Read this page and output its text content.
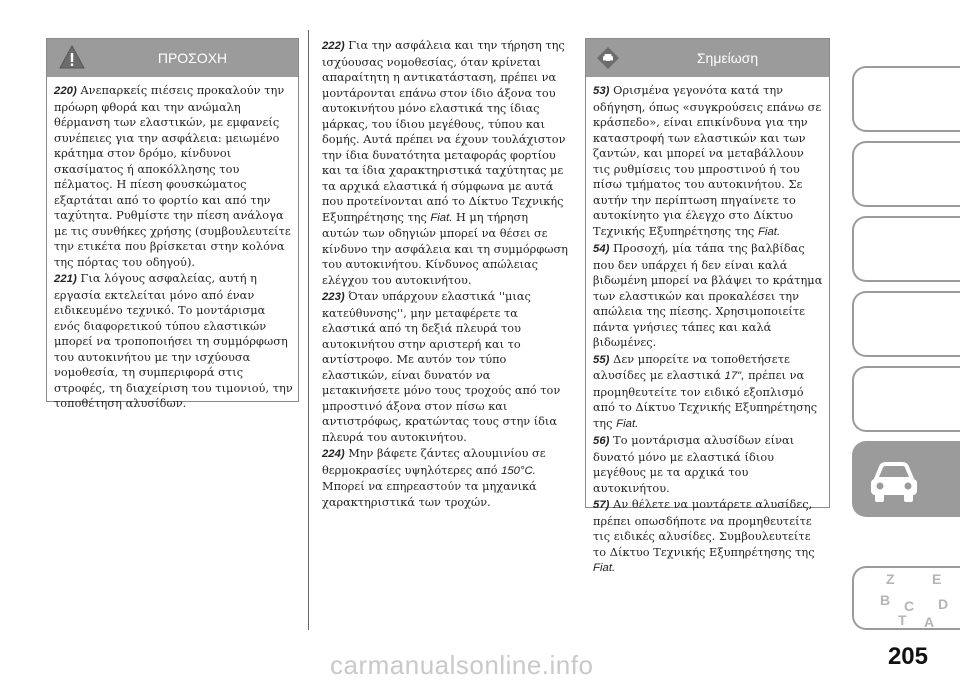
ΠΡΟΣΟΧΗ

220) Ανεπαρκείς πιέσεις προκαλούν την πρόωρη φθορά και την ανώμαλη θέρμανση των ελαστικών, με εμφανείς συνέπειες για την ασφάλεια: μειωμένο κράτημα στον δρόμο, κίνδυνοι σκασίματος ή αποκόλλησης του πέλματος. Η πίεση φουσκώματος εξαρτάται από το φορτίο και από την ταχύτητα. Ρυθμίστε την πίεση ανάλογα με τις συνθήκες χρήσης (συμβουλευτείτε την ετικέτα που βρίσκεται στην κολόνα της πόρτας του οδηγού).

221) Για λόγους ασφαλείας, αυτή η εργασία εκτελείται μόνο από έναν ειδικευμένο τεχνικό. Το μοντάρισμα ενός διαφορετικού τύπου ελαστικών μπορεί να τροποποιήσει τη συμμόρφωση του αυτοκινήτου με την ισχύουσα νομοθεσία, τη συμπεριφορά στις στροφές, τη διαχείριση του τιμονιού, την τοποθέτηση αλυσίδων.

222) Για την ασφάλεια και την τήρηση της ισχύουσας νομοθεσίας, όταν κρίνεται απαραίτητη η αντικατάσταση, πρέπει να μοντάρονται επάνω στον ίδιο άξονα του αυτοκινήτου μόνο ελαστικά της ίδιας μάρκας, του ίδιου μεγέθους, τύπου και δομής. Αυτά πρέπει να έχουν τουλάχιστον την ίδια δυνατότητα μεταφοράς φορτίου και τα ίδια χαρακτηριστικά ταχύτητας με τα αρχικά ελαστικά ή σύμφωνα με αυτά που προτείνονται από το Δίκτυο Τεχνικής Εξυπηρέτησης της Fiat. Η μη τήρηση αυτών των οδηγιών μπορεί να θέσει σε κίνδυνο την ασφάλεια και τη συμμόρφωση του αυτοκινήτου. Κίνδυνος απώλειας ελέγχου του αυτοκινήτου.

223) Όταν υπάρχουν ελαστικά ''μιας κατεύθυνσης'', μην μεταφέρετε τα ελαστικά από τη δεξιά πλευρά του αυτοκινήτου στην αριστερή και το αντίστροφο. Με αυτόν τον τύπο ελαστικών, είναι δυνατόν να μετακινήσετε μόνο τους τροχούς από τον μπροστινό άξονα στον πίσω και αντιστρόφως, κρατώντας τους στην ίδια πλευρά του αυτοκινήτου.

224) Μην βάφετε ζάντες αλουμινίου σε θερμοκρασίες υψηλότερες από 150°C. Μπορεί να επηρεαστούν τα μηχανικά χαρακτηριστικά των τροχών.

Σημείωση

53) Ορισμένα γεγονότα κατά την οδήγηση, όπως «συγκρούσεις επάνω σε κράσπεδο», είναι επικίνδυνα για την καταστροφή των ελαστικών και των ζαντών, και μπορεί να μεταβάλλουν τις ρυθμίσεις του μπροστινού ή του πίσω τμήματος του αυτοκινήτου. Σε αυτήν την περίπτωση πηγαίνετε το αυτοκίνητο για έλεγχο στο Δίκτυο Τεχνικής Εξυπηρέτησης της Fiat.

54) Προσοχή, μία τάπα της βαλβίδας που δεν υπάρχει ή δεν είναι καλά βιδωμένη μπορεί να βλάψει το κράτημα των ελαστικών και προκαλέσει την απώλεια της πίεσης. Χρησιμοποιείτε πάντα γνήσιες τάπες και καλά βιδωμένες.

55) Δεν μπορείτε να τοποθετήσετε αλυσίδες με ελαστικά 17", πρέπει να προμηθευτείτε τον ειδικό εξοπλισμό από το Δίκτυο Τεχνικής Εξυπηρέτησης της Fiat.

56) Το μοντάρισμα αλυσίδων είναι δυνατό μόνο με ελαστικά ίδιου μεγέθους με τα αρχικά του αυτοκινήτου.

57) Αν θέλετε να μοντάρετε αλυσίδες, πρέπει οπωσδήποτε να προμηθευτείτε τις ειδικές αλυσίδες. Συμβουλευτείτε το Δίκτυο Τεχνικής Εξυπηρέτησης της Fiat.

Z	E
B C D
T A
205
carmanualsonline.info
